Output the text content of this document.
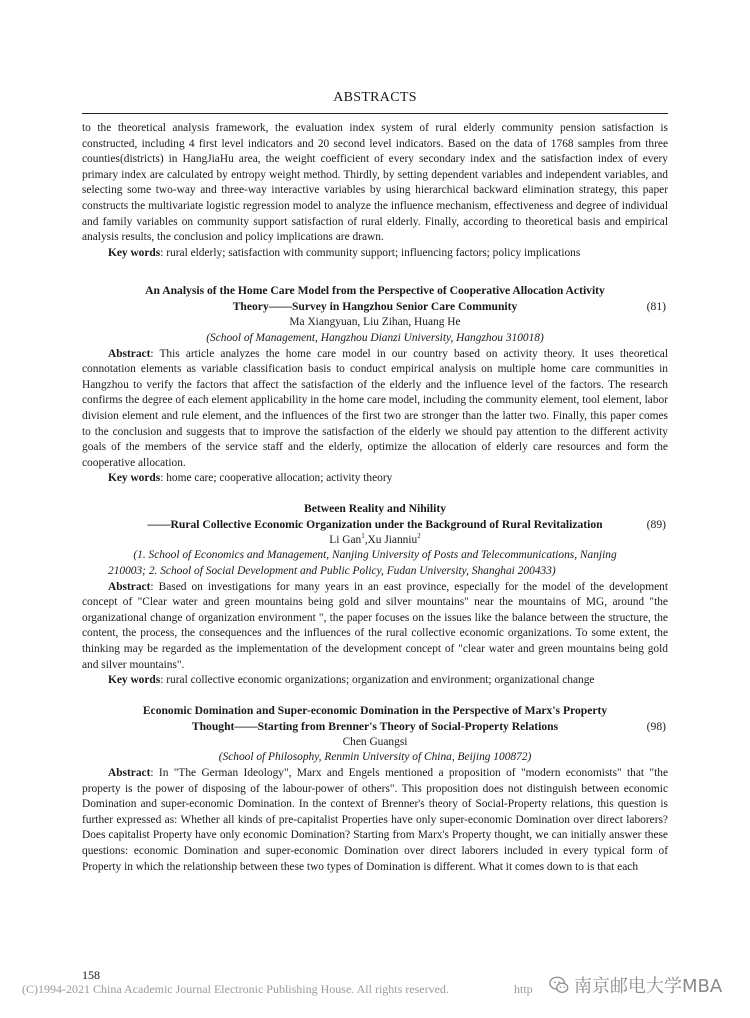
ABSTRACTS

to the theoretical analysis framework, the evaluation index system of rural elderly community pension satisfaction is constructed, including 4 first level indicators and 20 second level indicators. Based on the data of 1768 samples from three counties(districts) in HangJiaHu area, the weight coefficient of every secondary index and the satisfaction index of every primary index are calculated by entropy weight method. Thirdly, by setting dependent variables and independent variables, and selecting some two-way and three-way interactive variables by using hierarchical backward elimination strategy, this paper constructs the multivariate logistic regression model to analyze the influence mechanism, effectiveness and degree of individual and family variables on community support satisfaction of rural elderly. Finally, according to theoretical basis and empirical analysis results, the conclusion and policy implications are drawn.

Key words: rural elderly; satisfaction with community support; influencing factors; policy implications

An Analysis of the Home Care Model from the Perspective of Cooperative Allocation Activity

Theory——Survey in Hangzhou Senior Care Community	(81)

Ma Xiangyuan, Liu Zihan, Huang He

(School of Management, Hangzhou Dianzi University, Hangzhou 310018)

Abstract: This article analyzes the home care model in our country based on activity theory. It uses theoretical connotation elements as variable classification basis to conduct empirical analysis on multiple home care communities in Hangzhou to verify the factors that affect the satisfaction of the elderly and the influence level of the factors. The research confirms the degree of each element applicability in the home care model, including the community element, tool element, labor division element and rule element, and the influences of the first two are stronger than the latter two. Finally, this paper comes to the conclusion and suggests that to improve the satisfaction of the elderly we should pay attention to the different activity goals of the members of the service staff and the elderly, optimize the allocation of elderly care resources and form the cooperative allocation.

Key words: home care; cooperative allocation; activity theory

Between Reality and Nihility

——Rural Collective Economic Organization under the Background of Rural Revitalization	(89)

Li Gan$^1$,Xu Jianniu$^2$

(1. School of Economics and Management, Nanjing University of Posts and Telecommunications, Nanjing

210003; 2. School of Social Development and Public Policy, Fudan University, Shanghai 200433)

Abstract: Based on investigations for many years in an east province, especially for the model of the development concept of "Clear water and green mountains being gold and silver mountains" near the mountains of MG, around "the organizational change of organization environment ", the paper focuses on the issues like the balance between the structure, the content, the process, the consequences and the influences of the rural collective economic organizations. To some extent, the thinking may be regarded as the implementation of the development concept of "clear water and green mountains being gold and silver mountains".

Key words: rural collective economic organizations; organization and environment; organizational change

Economic Domination and Super-economic Domination in the Perspective of Marx's Property

Thought——Starting from Brenner's Theory of Social-Property Relations	(98)

Chen Guangsi

(School of Philosophy, Renmin University of China, Beijing 100872)

Abstract: In "The German Ideology", Marx and Engels mentioned a proposition of "modern economists" that "the property is the power of disposing of the labour-power of others". This proposition does not distinguish between economic Domination and super-economic Domination. In the context of Brenner's theory of Social-Property relations, this question is further expressed as: Whether all kinds of pre-capitalist Properties have only super-economic Domination over direct laborers? Does capitalist Property have only economic Domination? Starting from Marx's Property thought, we can initially answer these questions: economic Domination and super-economic Domination over direct laborers included in every typical form of Property in which the relationship between these two types of Domination is different. What it comes down to is that each

158
(C)1994-2021 China Academic Journal Electronic Publishing House. All rights reserved.	http 南京邮电大学MBA
